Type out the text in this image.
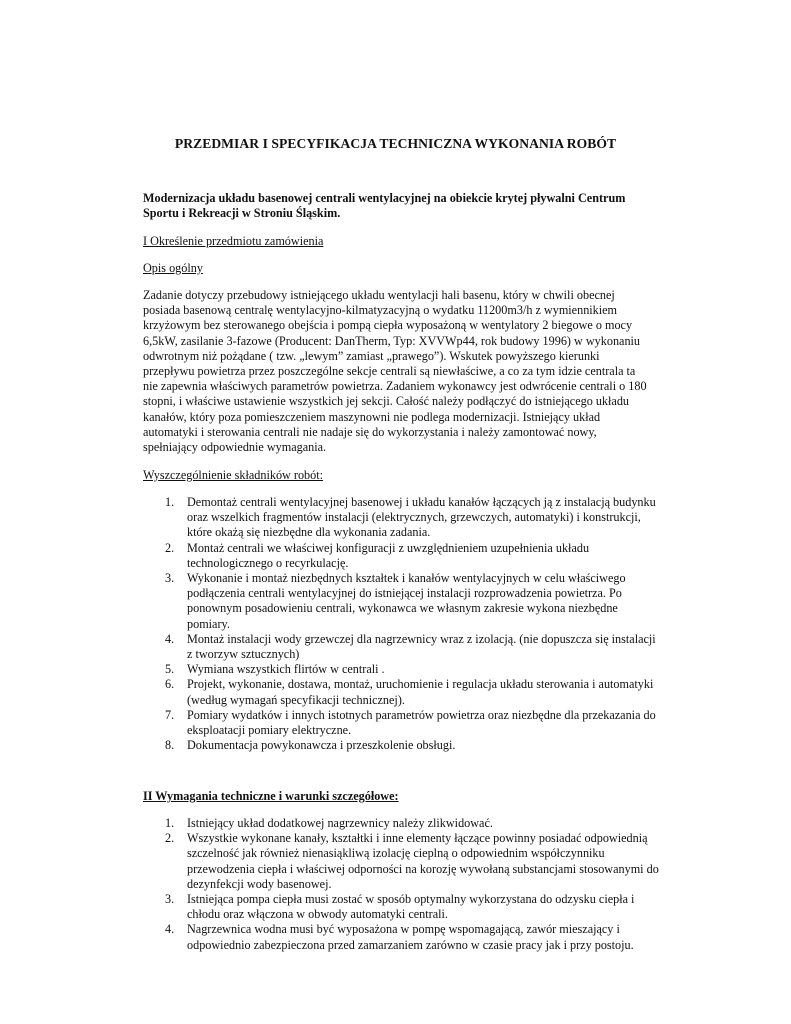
PRZEDMIAR I SPECYFIKACJA TECHNICZNA WYKONANIA ROBÓT
Modernizacja układu basenowej centrali wentylacyjnej na obiekcie krytej pływalni Centrum Sportu i Rekreacji w Stroniu Śląskim.
I Określenie przedmiotu zamówienia
Opis ogólny
Zadanie dotyczy przebudowy istniejącego układu wentylacji hali basenu, który w chwili obecnej posiada basenową centralę wentylacyjno-kilmatyzacyjną o wydatku 11200m3/h z wymiennikiem krzyżowym bez sterowanego obejścia i pompą ciepła wyposażoną w wentylatory 2 biegowe o mocy 6,5kW, zasilanie 3-fazowe (Producent: DanTherm, Typ: XVVWp44, rok budowy 1996) w wykonaniu odwrotnym niż pożądane ( tzw. „lewym” zamiast „prawego”). Wskutek powyższego kierunki przepływu powietrza przez poszczególne sekcje centrali są niewłaściwe, a co za tym idzie centrala ta nie zapewnia właściwych parametrów powietrza. Zadaniem wykonawcy jest odwrócenie centrali o 180 stopni, i właściwe ustawienie wszystkich jej sekcji. Całość należy podłączyć do istniejącego układu kanałów, który poza pomieszczeniem maszynowni nie podlega modernizacji. Istniejący układ automatyki i sterowania centrali nie nadaje się do wykorzystania i należy zamontować nowy, spełniający odpowiednie wymagania.
Wyszczególnienie składników robót:
1. Demontaż centrali wentylacyjnej basenowej i układu kanałów łączących ją z instalacją budynku oraz wszelkich fragmentów instalacji (elektrycznych, grzewczych, automatyki) i konstrukcji, które okażą się niezbędne dla wykonania zadania.
2. Montaż centrali we właściwej konfiguracji z uwzględnieniem uzupełnienia układu technologicznego o recyrkulację.
3. Wykonanie i montaż niezbędnych kształtek i kanałów wentylacyjnych w celu właściwego podłączenia centrali wentylacyjnej do istniejącej instalacji rozprowadzenia powietrza. Po ponownym posadowieniu centrali, wykonawca we własnym zakresie wykona niezbędne pomiary.
4. Montaż instalacji wody grzewczej dla nagrzewnicy wraz z izolacją. (nie dopuszcza się instalacji z tworzyw sztucznych)
5. Wymiana wszystkich flirtów w centrali .
6. Projekt, wykonanie, dostawa, montaż, uruchomienie i regulacja układu sterowania i automatyki (według wymagań specyfikacji technicznej).
7. Pomiary wydatków i innych istotnych parametrów powietrza oraz niezbędne dla przekazania do eksploatacji pomiary elektryczne.
8. Dokumentacja powykonawcza i przeszkolenie obsługi.
II Wymagania techniczne i warunki szczegółowe:
1. Istniejący układ dodatkowej nagrzewnicy należy zlikwidować.
2. Wszystkie wykonane kanały, kształtki i inne elementy łączące powinny posiadać odpowiednią szczelność jak również nienasiąkliwą izolację cieplną o odpowiednim współczynniku przewodzenia ciepła i właściwej odporności na korozję wywołaną substancjami stosowanymi do dezynfekcji wody basenowej.
3. Istniejąca pompa ciepła musi zostać w sposób optymalny wykorzystana do odzysku ciepła i chłodu oraz włączona w obwody automatyki centrali.
4. Nagrzewnica wodna musi być wyposażona w pompę wspomagającą, zawór mieszający i odpowiednio zabezpieczona przed zamarzaniem zarówno w czasie pracy jak i przy postoju.
